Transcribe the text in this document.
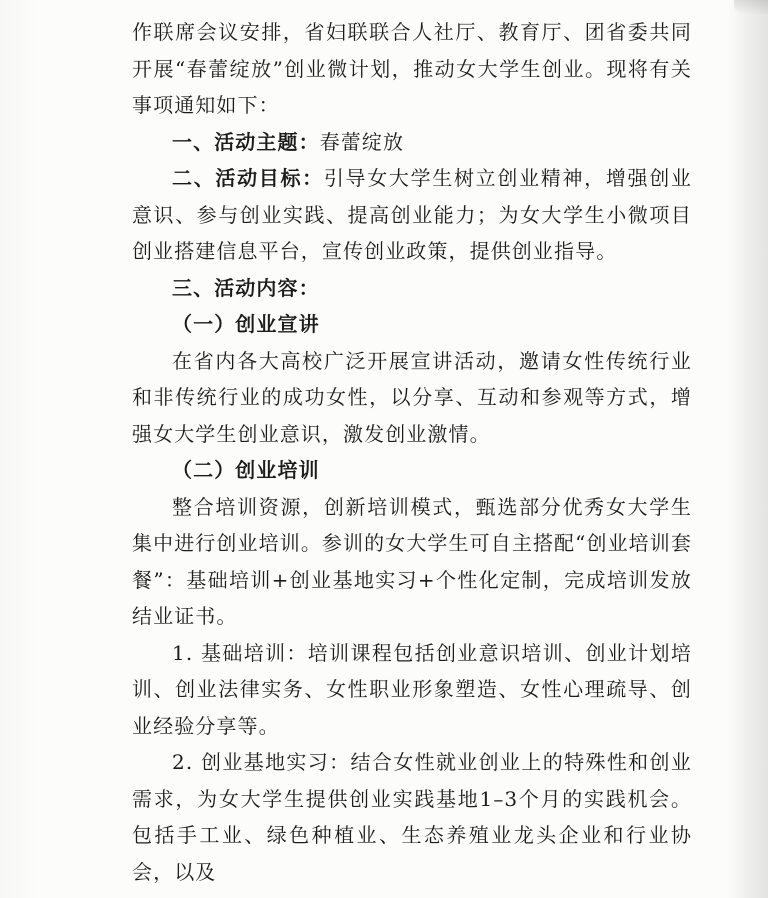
作联席会议安排，省妇联联合人社厅、教育厅、团省委共同开展“春蕾绽放”创业微计划，推动女大学生创业。现将有关事项通知如下：

一、活动主题：春蕾绽放

二、活动目标：引导女大学生树立创业精神，增强创业意识、参与创业实践、提高创业能力；为女大学生小微项目创业搭建信息平台，宣传创业政策，提供创业指导。

三、活动内容：

（一）创业宣讲

在省内各大高校广泛开展宣讲活动，邀请女性传统行业和非传统行业的成功女性，以分享、互动和参观等方式，增强女大学生创业意识，激发创业激情。

（二）创业培训

整合培训资源，创新培训模式，甄选部分优秀女大学生集中进行创业培训。参训的女大学生可自主搭配“创业培训套餐”：基础培训+创业基地实习+个性化定制，完成培训发放结业证书。

1. 基础培训：培训课程包括创业意识培训、创业计划培训、创业法律实务、女性职业形象塑造、女性心理疏导、创业经验分享等。

2. 创业基地实习：结合女性就业创业上的特殊性和创业需求，为女大学生提供创业实践基地1–3个月的实践机会。包括手工业、绿色种植业、生态养殖业龙头企业和行业协会，以及
